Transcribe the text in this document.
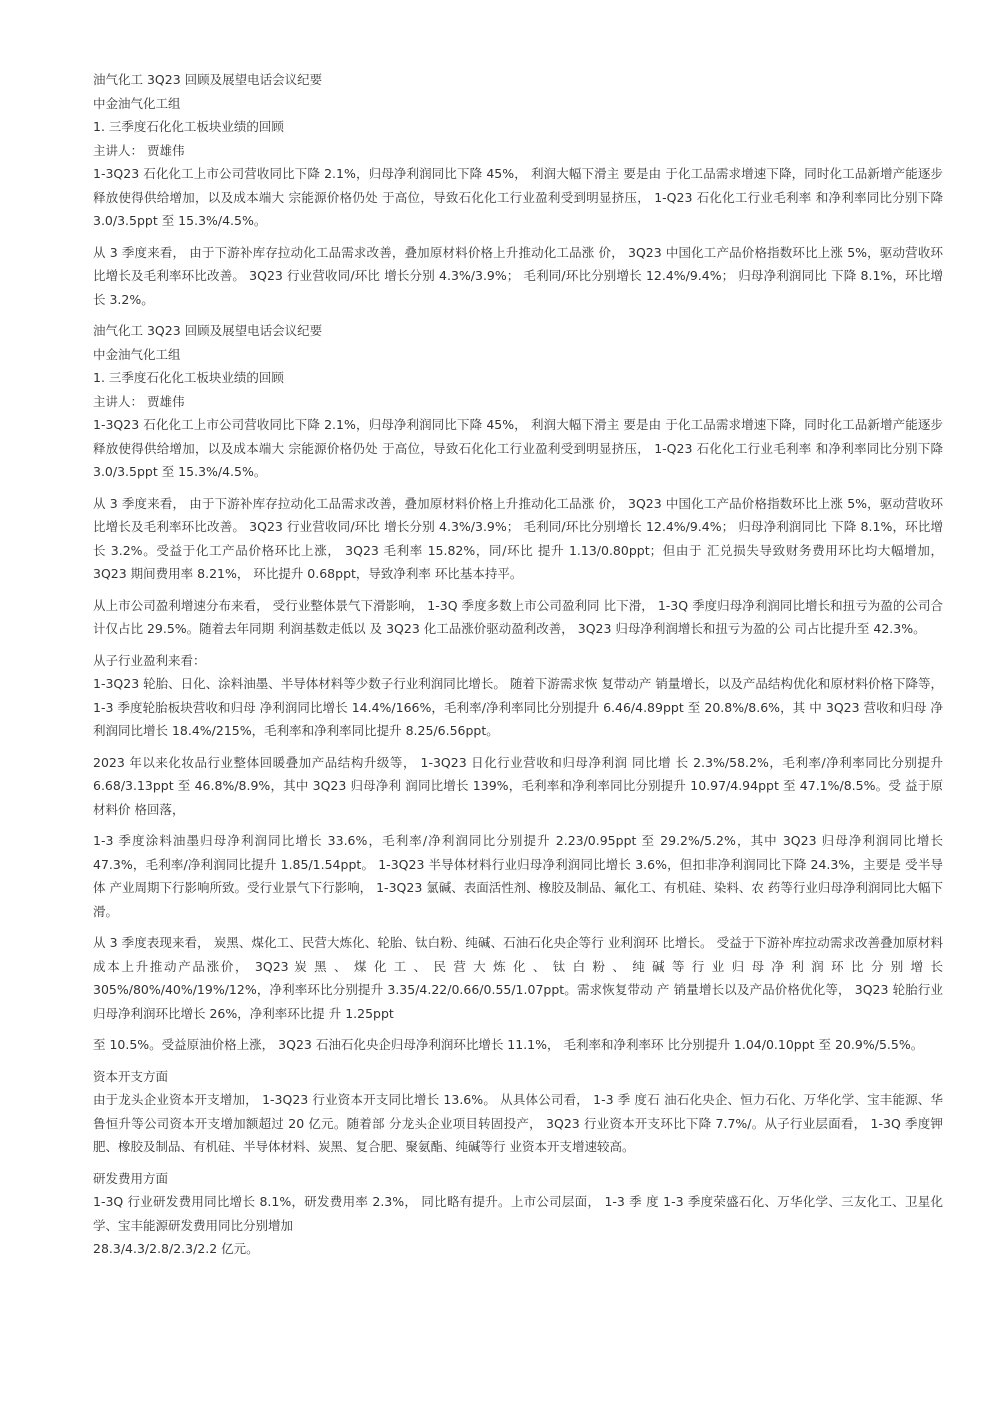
油气化工 3Q23 回顾及展望电话会议纪要
中金油气化工组
1. 三季度石化化工板块业绩的回顾
主讲人： 贾雄伟

1-3Q23 石化化工上市公司营收同比下降 2.1%，归母净利润同比下降 45%， 利润大幅下滑主 要是由 于化工品需求增速下降，同时化工品新增产能逐步释放使得供给增加，以及成本端大 宗能源价格仍处 于高位，导致石化化工行业盈利受到明显挤压， 1-Q23 石化化工行业毛利率 和净利率同比分别下降 3.0/3.5ppt 至 15.3%/4.5%。

从 3 季度来看， 由于下游补库存拉动化工品需求改善，叠加原材料价格上升推动化工品涨 价， 3Q23 中国化工产品价格指数环比上涨 5%，驱动营收环比增长及毛利率环比改善。 3Q23 行业营收同/环比 增长分别 4.3%/3.9%； 毛利同/环比分别增长 12.4%/9.4%； 归母净利润同比 下降 8.1%，环比增长 3.2%。

油气化工 3Q23 回顾及展望电话会议纪要
中金油气化工组
1. 三季度石化化工板块业绩的回顾
主讲人： 贾雄伟

1-3Q23 石化化工上市公司营收同比下降 2.1%，归母净利润同比下降 45%， 利润大幅下滑主 要是由 于化工品需求增速下降，同时化工品新增产能逐步释放使得供给增加，以及成本端大 宗能源价格仍处 于高位，导致石化化工行业盈利受到明显挤压， 1-Q23 石化化工行业毛利率 和净利率同比分别下降 3.0/3.5ppt 至 15.3%/4.5%。

从 3 季度来看， 由于下游补库存拉动化工品需求改善，叠加原材料价格上升推动化工品涨 价， 3Q23 中国化工产品价格指数环比上涨 5%，驱动营收环比增长及毛利率环比改善。 3Q23 行业营收同/环比 增长分别 4.3%/3.9%； 毛利同/环比分别增长 12.4%/9.4%； 归母净利润同比 下降 8.1%，环比增长 3.2%。受益于化工产品价格环比上涨， 3Q23 毛利率 15.82%，同/环比 提升 1.13/0.80ppt；但由于 汇兑损失导致财务费用环比均大幅增加， 3Q23 期间费用率 8.21%， 环比提升 0.68ppt，导致净利率 环比基本持平。

从上市公司盈利增速分布来看， 受行业整体景气下滑影响， 1-3Q 季度多数上市公司盈利同 比下滑， 1-3Q 季度归母净利润同比增长和扭亏为盈的公司合计仅占比 29.5%。随着去年同期 利润基数走低以 及 3Q23 化工品涨价驱动盈利改善， 3Q23 归母净利润增长和扭亏为盈的公 司占比提升至 42.3%。

从子行业盈利来看：

1-3Q23 轮胎、日化、涂料油墨、半导体材料等少数子行业利润同比增长。 随着下游需求恢 复带动产 销量增长，以及产品结构优化和原材料价格下降等， 1-3 季度轮胎板块营收和归母 净利润同比增长 14.4%/166%，毛利率/净利率同比分别提升 6.46/4.89ppt 至 20.8%/8.6%，其 中 3Q23 营收和归母 净利润同比增长 18.4%/215%，毛利率和净利率同比提升 8.25/6.56ppt。

2023 年以来化妆品行业整体回暖叠加产品结构升级等， 1-3Q23 日化行业营收和归母净利润 同比增 长 2.3%/58.2%，毛利率/净利率同比分别提升 6.68/3.13ppt 至 46.8%/8.9%，其中 3Q23 归母净利 润同比增长 139%，毛利率和净利率同比分别提升 10.97/4.94ppt 至 47.1%/8.5%。受 益于原材料价 格回落，

1-3 季度涂料油墨归母净利润同比增长 33.6%，毛利率/净利润同比分别提升 2.23/0.95ppt 至 29.2%/5.2%，其中 3Q23 归母净利润同比增长 47.3%，毛利率/净利润同比提升 1.85/1.54ppt。 1-3Q23 半导体材料行业归母净利润同比增长 3.6%，但扣非净利润同比下降 24.3%，主要是 受半导体 产业周期下行影响所致。受行业景气下行影响， 1-3Q23 氯碱、表面活性剂、橡胶及制品、氟化工、有机硅、染料、农 药等行业归母净利润同比大幅下滑。

从 3 季度表现来看， 炭黑、煤化工、民营大炼化、轮胎、钛白粉、纯碱、石油石化央企等行 业利润环 比增长。 受益于下游补库拉动需求改善叠加原材料成本上升推动产品涨价， 3Q23 炭 黑 、 煤 化 工 、 民 营 大 炼 化 、 钛 白 粉 、 纯 碱 等 行 业 归 母 净 利 润 环 比 分 别 增 长 305%/80%/40%/19%/12%，净利率环比分别提升 3.35/4.22/0.66/0.55/1.07ppt。需求恢复带动 产 销量增长以及产品价格优化等， 3Q23 轮胎行业归母净利润环比增长 26%，净利率环比提 升 1.25ppt

至 10.5%。受益原油价格上涨， 3Q23 石油石化央企归母净利润环比增长 11.1%， 毛利率和净利率环 比分别提升 1.04/0.10ppt 至 20.9%/5.5%。

资本开支方面

由于龙头企业资本开支增加， 1-3Q23 行业资本开支同比增长 13.6%。 从具体公司看， 1-3 季 度石 油石化央企、恒力石化、万华化学、宝丰能源、华鲁恒升等公司资本开支增加额超过 20 亿元。随着部 分龙头企业项目转固投产， 3Q23 行业资本开支环比下降 7.7%/。从子行业层面看， 1-3Q 季度钾 肥、橡胶及制品、有机硅、半导体材料、炭黑、复合肥、聚氨酯、纯碱等行 业资本开支增速较高。

研发费用方面

1-3Q 行业研发费用同比增长 8.1%，研发费用率 2.3%， 同比略有提升。上市公司层面， 1-3 季 度 1-3 季度荣盛石化、万华化学、三友化工、卫星化学、宝丰能源研发费用同比分别增加

28.3/4.3/2.8/2.3/2.2 亿元。
